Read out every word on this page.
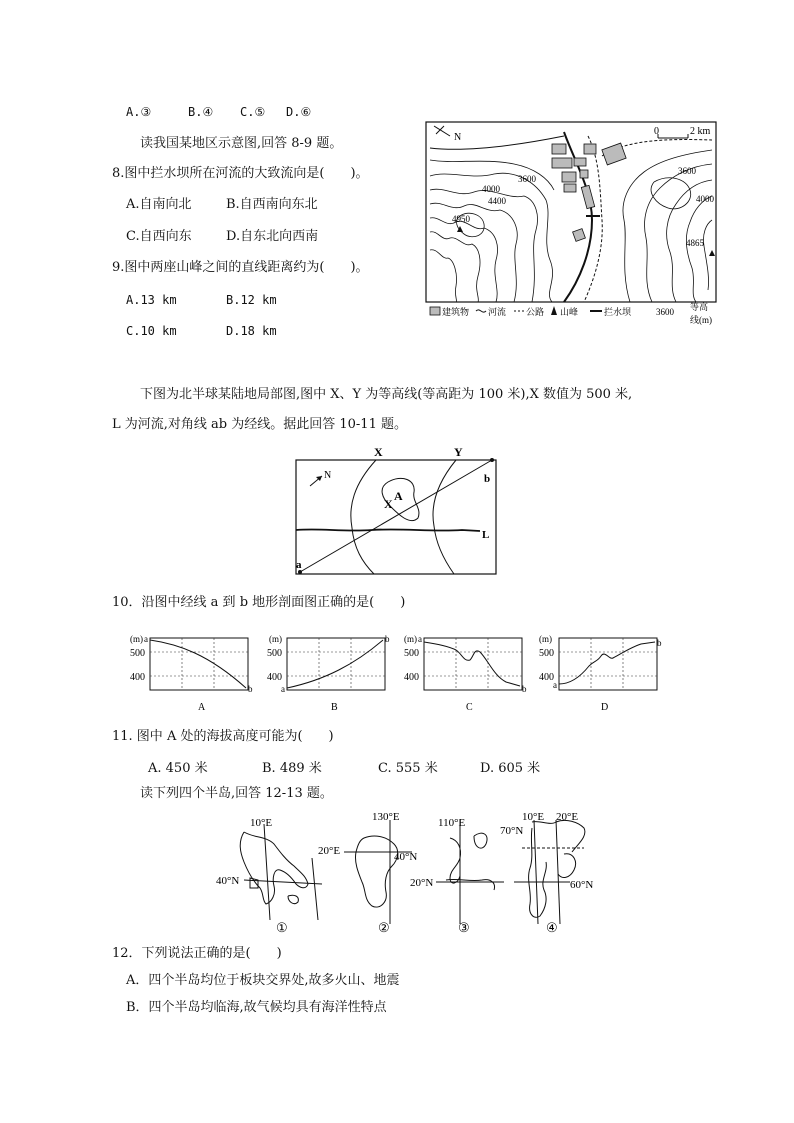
A.③	B.④ C.⑤ D.⑥
读我国某地区示意图,回答 8-9 题。
8.图中拦水坝所在河流的大致流向是(　　)。
A.自南向北	B.自西南向东北
C.自西向东	D.自东北向西南
9.图中两座山峰之间的直线距离约为(　　)。
A.13 km	B.12 km
C.10 km	D.18 km
N
0	2 km
3600
4000
4400
3600
4000
4950
4865
建筑物 河流 公路 山峰	拦水坝	3600 等高
线(m)
下图为北半球某陆地局部图,图中 X、Y 为等高线(等高距为 100 米),X 数值为 500 米,
L 为河流,对角线 ab 为经线。据此回答 10-11 题。
X	Y
N
A
X
b
L
a
10．沿图中经线 a 到 b 地形剖面图正确的是(　　)
(m) a
500
400
b
A
(m)
500
400
a
b
B
(m) a
500
400
b
C
(m)
500
400
a
b
D
11. 图中 A 处的海拔高度可能为(　　)
A. 450 米	B. 489 米	C. 555 米	D. 605 米
读下列四个半岛,回答 12-13 题。
10°E
40°N
130°E
20°E	40°N
110°E
20°N
10°E 20°E
70°N
60°N
①	②	③	④
12．下列说法正确的是(　　)
A．四个半岛均位于板块交界处,故多火山、地震
B．四个半岛均临海,故气候均具有海洋性特点
